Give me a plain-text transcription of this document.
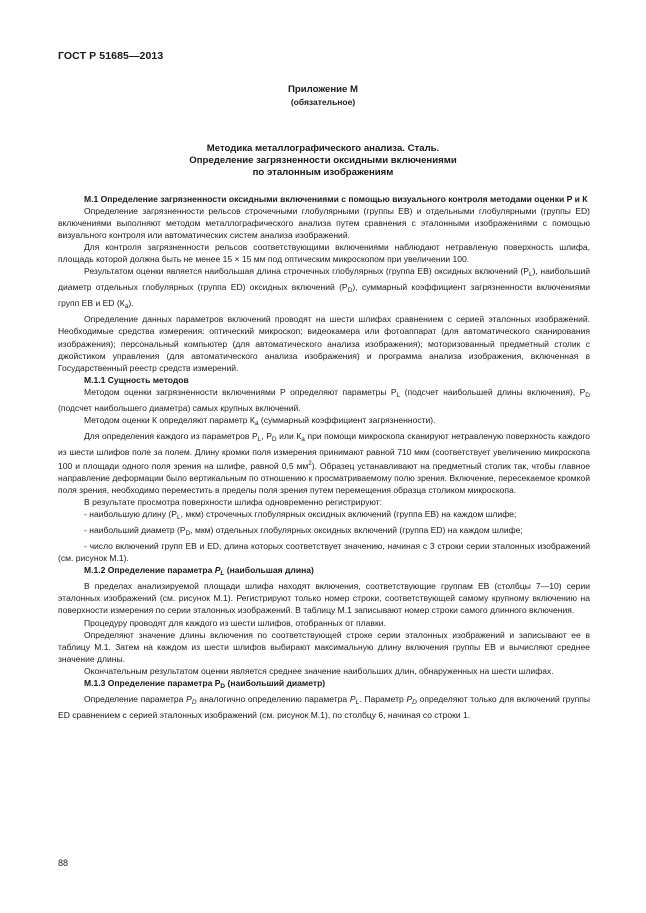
ГОСТ Р 51685—2013
Приложение М
(обязательное)
Методика металлографического анализа. Сталь.
Определение загрязненности оксидными включениями
по эталонным изображениям

М.1 Определение загрязненности оксидными включениями с помощью визуального контроля методами оценки Р и К

Определение загрязненности рельсов строчечными глобулярными (группы ЕВ) и отдельными глобулярными (группы ED) включениями выполняют методом металлографического анализа путем сравнения с эталонными изображениями с помощью визуального контроля или автоматических систем анализа изображений.

Для контроля загрязненности рельсов соответствующими включениями наблюдают нетравленую поверхность шлифа, площадь которой должна быть не менее 15 × 15 мм под оптическим микроскопом при увеличении 100.

Результатом оценки является наибольшая длина строчечных глобулярных (группа ЕВ) оксидных включений $(P_L)$, наибольший диаметр отдельных глобулярных (группа ED) оксидных включений $(P_D)$, суммарный коэффициент загрязненности включениями групп ЕВ и ED $(К_a)$.

Определение данных параметров включений проводят на шести шлифах сравнением с серией эталонных изображений. Необходимые средства измерения: оптический микроскоп; видеокамера или фотоаппарат (для автоматического сканирования изображения); персональный компьютер (для автоматического анализа изображения); моторизованный предметный столик с джойстиком управления (для автоматического анализа изображения) и программа анализа изображения, включенная в Государственный реестр средств измерений.

М.1.1 Сущность методов

Методом оценки загрязненности включениями Р определяют параметры $P_L$ (подсчет наибольшей длины включения), $P_D$ (подсчет наибольшего диаметра) самых крупных включений.

Методом оценки К определяют параметр $К_a$ (суммарный коэффициент загрязненности).

Для определения каждого из параметров $P_L$, $P_D$ или $К_a$ при помощи микроскопа сканируют нетравленую поверхность каждого из шести шлифов поле за полем. Длину кромки поля измерения принимают равной 710 мкм (соответствует увеличению микроскопа 100 и площади одного поля зрения на шлифе, равной 0,5 $мм^2$). Образец устанавливают на предметный столик так, чтобы главное направление деформации было вертикальным по отношению к просматриваемому полю зрения. Включение, пересекаемое кромкой поля зрения, необходимо переместить в пределы поля зрения путем перемещения образца столиком микроскопа.

В результате просмотра поверхности шлифа одновременно регистрируют:

- наибольшую длину ($P_L$, мкм) строчечных глобулярных оксидных включений (группа ЕВ) на каждом шлифе;

- наибольший диаметр ($P_D$, мкм) отдельных глобулярных оксидных включений (группа ED) на каждом шлифе;

- число включений групп ЕВ и ED, длина которых соответствует значению, начиная с 3 строки серии эталонных изображений (см. рисунок М.1).

М.1.2 Определение параметра $P_L$ (наибольшая длина)

В пределах анализируемой площади шлифа находят включения, соответствующие группам ЕВ (столбцы 7—10) серии эталонных изображений (см. рисунок М.1). Регистрируют только номер строки, соответствующей самому крупному включению на поверхности измерения по серии эталонных изображений. В таблицу М.1 записывают номер строки самого длинного включения.

Процедуру проводят для каждого из шести шлифов, отобранных от плавки.

Определяют значение длины включения по соответствующей строке серии эталонных изображений и записывают ее в таблицу М.1. Затем на каждом из шести шлифов выбирают максимальную длину включения группы ЕВ и вычисляют среднее значение длины.

Окончательным результатом оценки является среднее значение наибольших длин, обнаруженных на шести шлифах.

М.1.3 Определение параметра $P_D$ (наибольший диаметр)

Определение параметра $P_D$ аналогично определению параметра $P_L$. Параметр $P_D$ определяют только для включений группы ED сравнением с серией эталонных изображений (см. рисунок М.1), по столбцу 6, начиная со строки 1.

88
